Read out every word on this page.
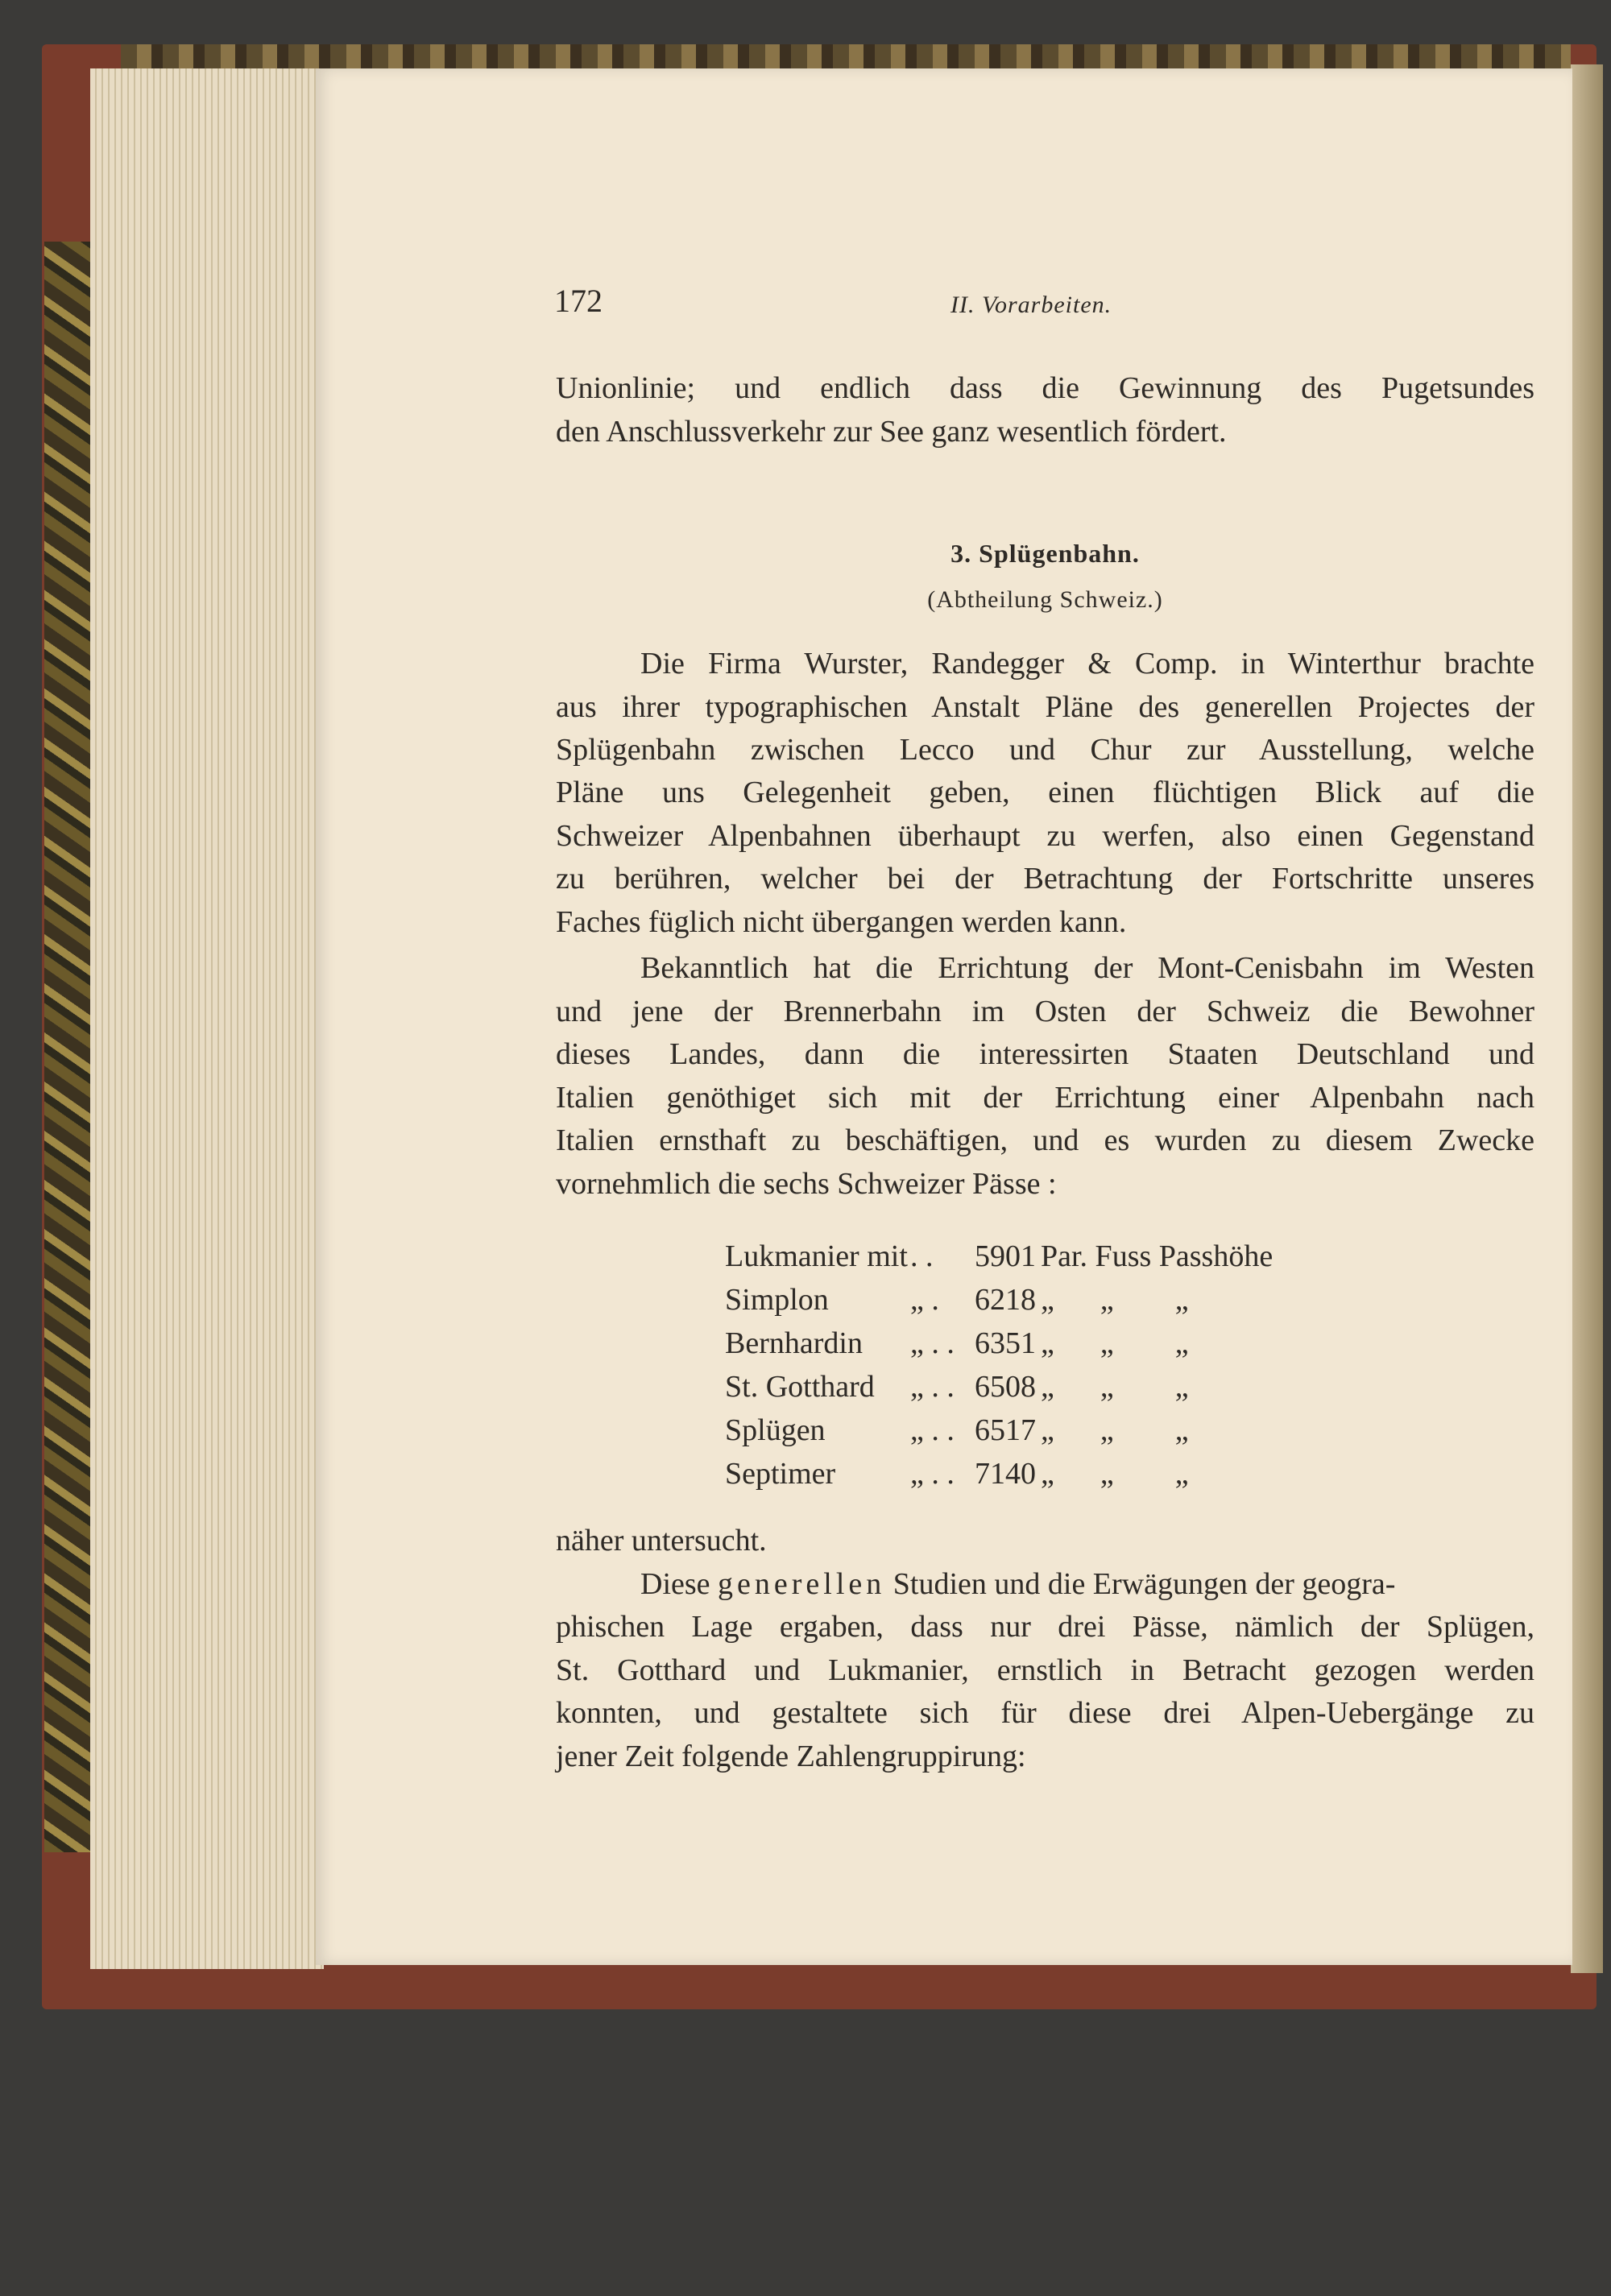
172	II. Vorarbeiten.
Unionlinie; und endlich dass die Gewinnung des Pugetsundes
den Anschlussverkehr zur See ganz wesentlich fördert.
3. Splügenbahn.
(Abtheilung Schweiz.)
Die Firma Wurster, Randegger & Comp. in Winterthur brachte
aus ihrer typographischen Anstalt Pläne des generellen Projectes der
Splügenbahn zwischen Lecco und Chur zur Ausstellung, welche
Pläne uns Gelegenheit geben, einen flüchtigen Blick auf die
Schweizer Alpenbahnen überhaupt zu werfen, also einen Gegenstand
zu berühren, welcher bei der Betrachtung der Fortschritte unseres
Faches füglich nicht übergangen werden kann.
Bekanntlich hat die Errichtung der Mont-Cenisbahn im Westen
und jene der Brennerbahn im Osten der Schweiz die Bewohner
dieses Landes, dann die interessirten Staaten Deutschland und
Italien genöthiget sich mit der Errichtung einer Alpenbahn nach
Italien ernsthaft zu beschäftigen, und es wurden zu diesem Zwecke
vornehmlich die sechs Schweizer Pässe :
Lukmanier mit . . 5901 Par. Fuss Passhöhe
Simplon	„ . 6218 „      „        „
Bernhardin „ . . 6351 „      „        „
St. Gotthard „ . . 6508 „      „        „
Splügen	„ . . 6517 „      „        „
Septimer „ . . 7140 „      „        „
näher untersucht.
Diese generellen Studien und die Erwägungen der geogra-
phischen Lage ergaben, dass nur drei Pässe, nämlich der Splügen,
St. Gotthard und Lukmanier, ernstlich in Betracht gezogen werden
konnten, und gestaltete sich für diese drei Alpen-Uebergänge zu
jener Zeit folgende Zahlengruppirung:
